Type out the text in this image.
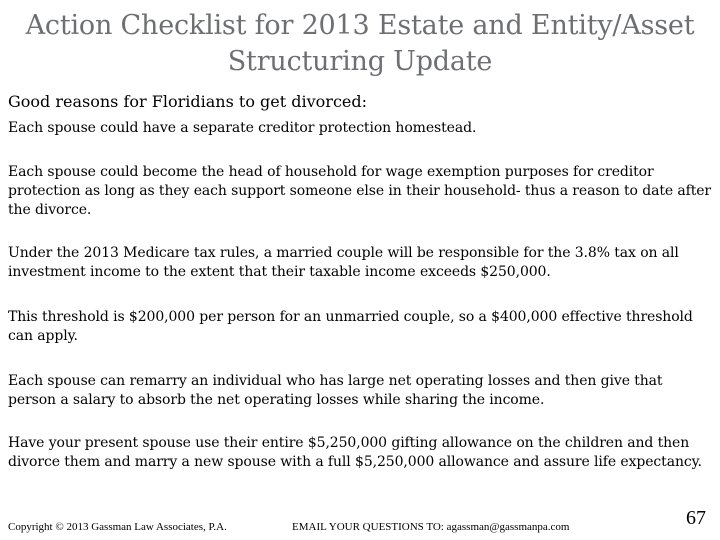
Action Checklist for 2013 Estate and Entity/Asset Structuring Update
Good reasons for Floridians to get divorced:
Each spouse could have a separate creditor protection homestead.
Each spouse could become the head of household for wage exemption purposes for creditor protection as long as they each support someone else in their household- thus a reason to date after the divorce.
Under the 2013 Medicare tax rules, a married couple will be responsible for the 3.8% tax on all investment income to the extent that their taxable income exceeds $250,000.
This threshold is $200,000 per person for an unmarried couple, so a $400,000 effective threshold can apply.
Each spouse can remarry an individual who has large net operating losses and then give that person a salary to absorb the net operating losses while sharing the income.
Have your present spouse use their entire $5,250,000 gifting allowance on the children and then divorce them and marry a new spouse with a full $5,250,000 allowance and assure life expectancy.
Copyright © 2013 Gassman Law Associates, P.A.	EMAIL YOUR QUESTIONS TO: agassman@gassmanpa.com	67
